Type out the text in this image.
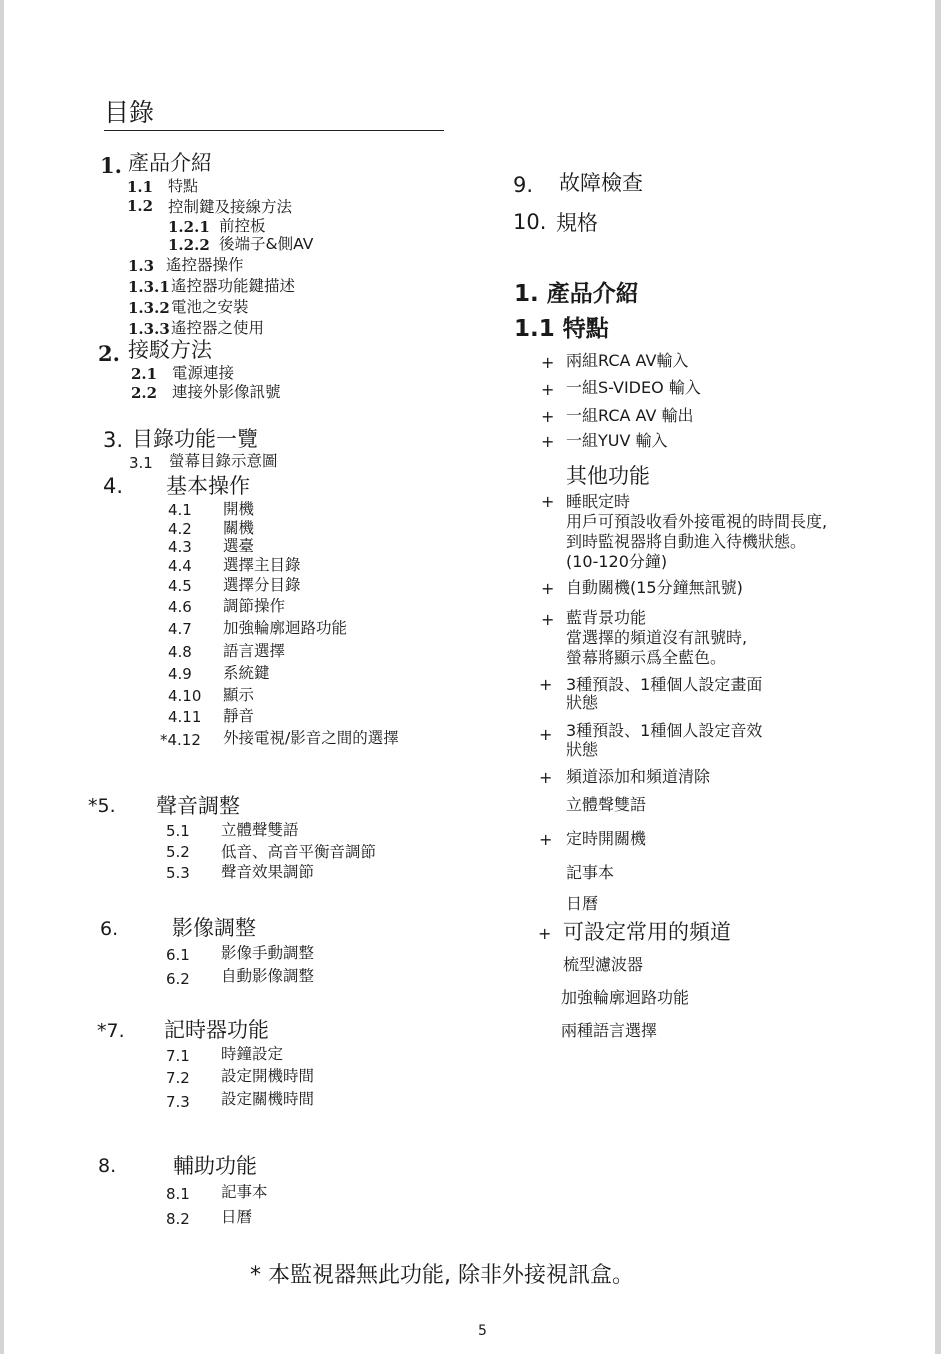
目錄
1. 產品介紹
1.1 特點
1.2 控制鍵及接線方法
1.2.1 前控板
1.2.2 後端子&側AV
1.3 遙控器操作
1.3.1 遙控器功能鍵描述
1.3.2 電池之安裝
1.3.3 遙控器之使用
2. 接駁方法
2.1 電源連接
2.2 連接外影像訊號
3. 目錄功能一覽
3.1 螢幕目錄示意圖
4. 基本操作
4.1 開機
4.2 關機
4.3 選臺
4.4 選擇主目錄
4.5 選擇分目錄
4.6 調節操作
4.7 加強輪廓迴路功能
4.8 語言選擇
4.9 系統鍵
4.10 顯示
4.11 靜音
*4.12 外接電視/影音之間的選擇
*5. 聲音調整
5.1 立體聲雙語
5.2 低音、高音平衡音調節
5.3 聲音效果調節
6.	影像調整
6.1 影像手動調整
6.2 自動影像調整
*7. 記時器功能
7.1 時鐘設定
7.2 設定開機時間
7.3 設定關機時間
8.	輔助功能
8.1 記事本
8.2 日曆
9. 故障檢查
10. 規格
1. 產品介紹
1.1 特點
+ 兩組RCA AV輸入
+ 一組S-VIDEO 輸入
+ 一組RCA AV 輸出
+ 一組YUV 輸入
其他功能
+ 睡眠定時
用戶可預設收看外接電視的時間長度,
到時監視器將自動進入待機狀態。
(10-120分鐘)
+ 自動關機(15分鐘無訊號)
+ 藍背景功能
當選擇的頻道沒有訊號時,
螢幕將顯示爲全藍色。
+ 3種預設、1種個人設定畫面
狀態
+ 3種預設、1種個人設定音效
狀態
+ 頻道添加和頻道清除
立體聲雙語
+ 定時開關機
記事本
日曆
+ 可設定常用的頻道
梳型濾波器
加強輪廓迴路功能
兩種語言選擇
* 本監視器無此功能, 除非外接視訊盒。
5
